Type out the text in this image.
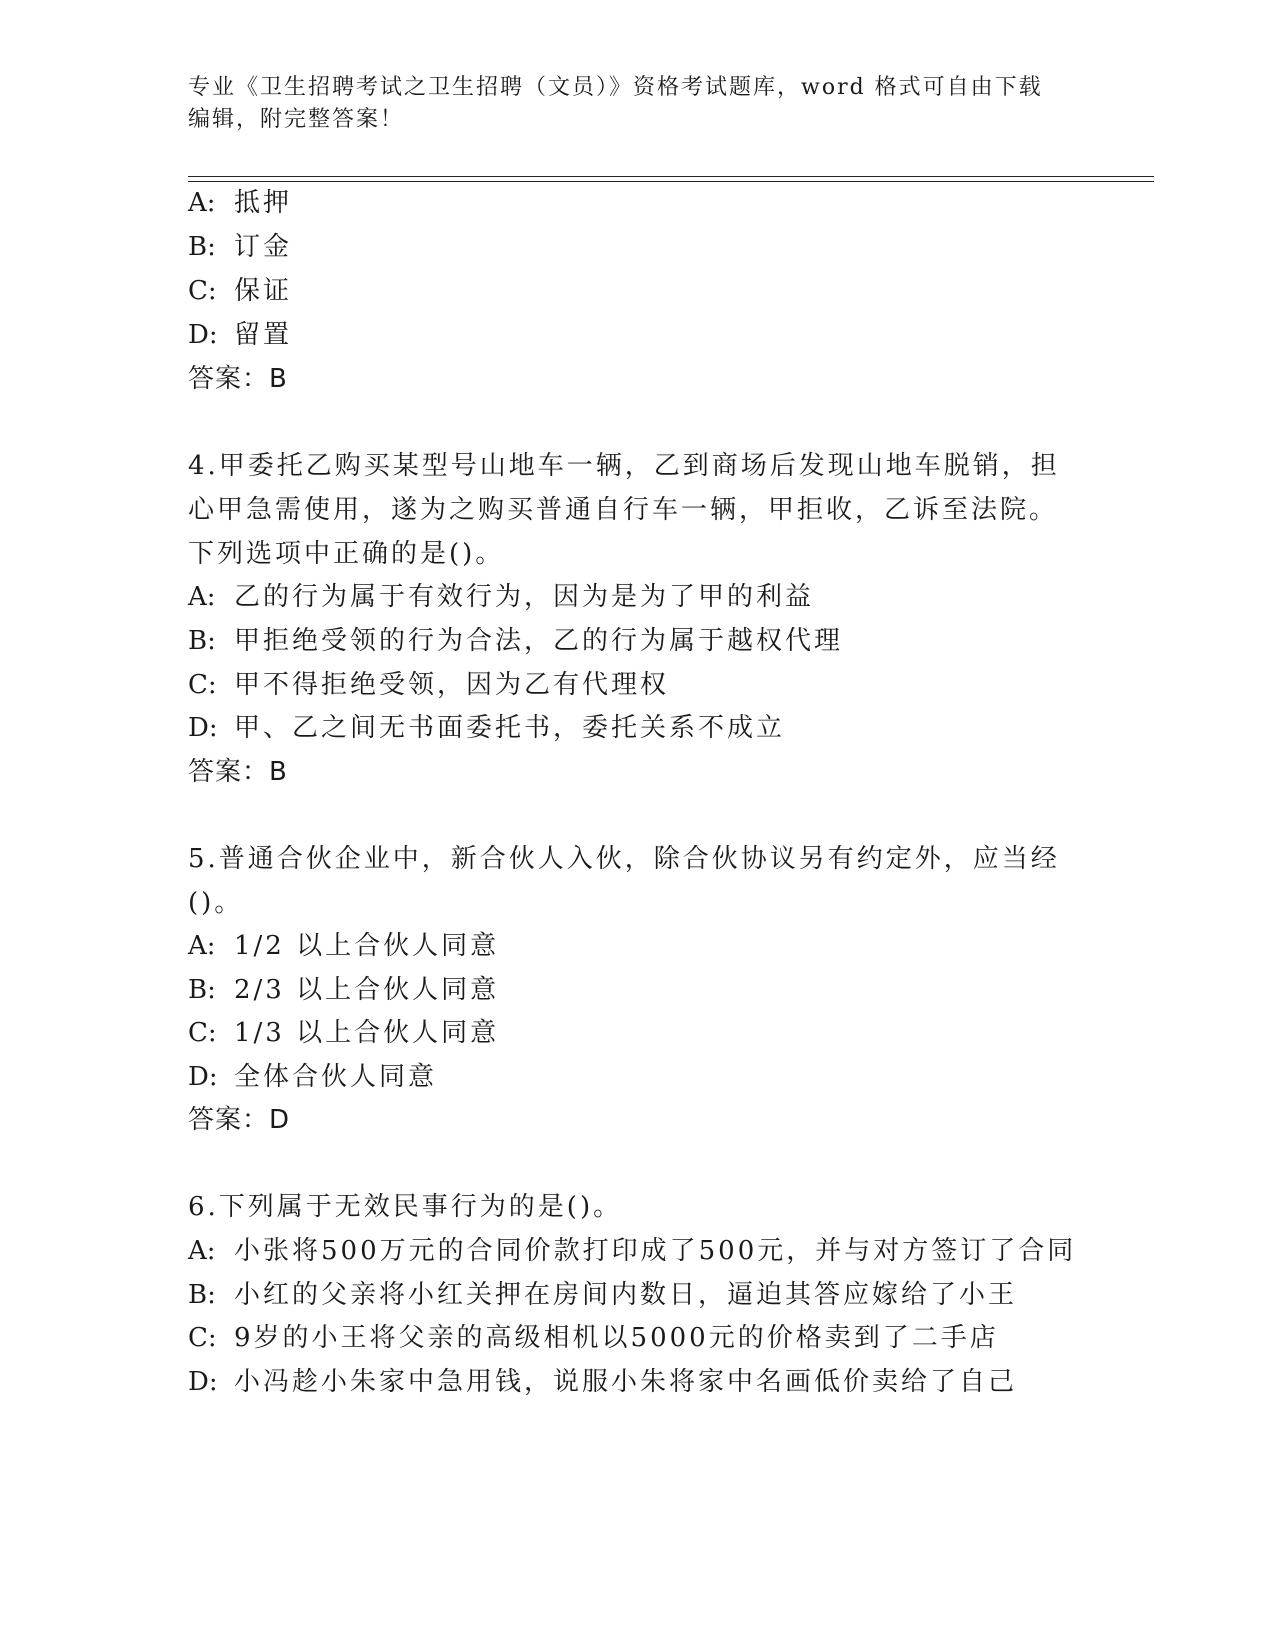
专业《卫生招聘考试之卫生招聘（文员）》资格考试题库，word 格式可自由下载
编辑，附完整答案！
A: 抵押
B: 订金
C: 保证
D: 留置
答案：B
4.甲委托乙购买某型号山地车一辆，乙到商场后发现山地车脱销，担
心甲急需使用，遂为之购买普通自行车一辆，甲拒收，乙诉至法院。
下列选项中正确的是()。
A: 乙的行为属于有效行为，因为是为了甲的利益
B: 甲拒绝受领的行为合法，乙的行为属于越权代理
C: 甲不得拒绝受领，因为乙有代理权
D: 甲、乙之间无书面委托书，委托关系不成立
答案：B
5.普通合伙企业中，新合伙人入伙，除合伙协议另有约定外，应当经
()。
A: 1/2 以上合伙人同意
B: 2/3 以上合伙人同意
C: 1/3 以上合伙人同意
D: 全体合伙人同意
答案：D
6.下列属于无效民事行为的是()。
A: 小张将500万元的合同价款打印成了500元，并与对方签订了合同
B: 小红的父亲将小红关押在房间内数日，逼迫其答应嫁给了小王
C: 9岁的小王将父亲的高级相机以5000元的价格卖到了二手店
D: 小冯趁小朱家中急用钱，说服小朱将家中名画低价卖给了自己
